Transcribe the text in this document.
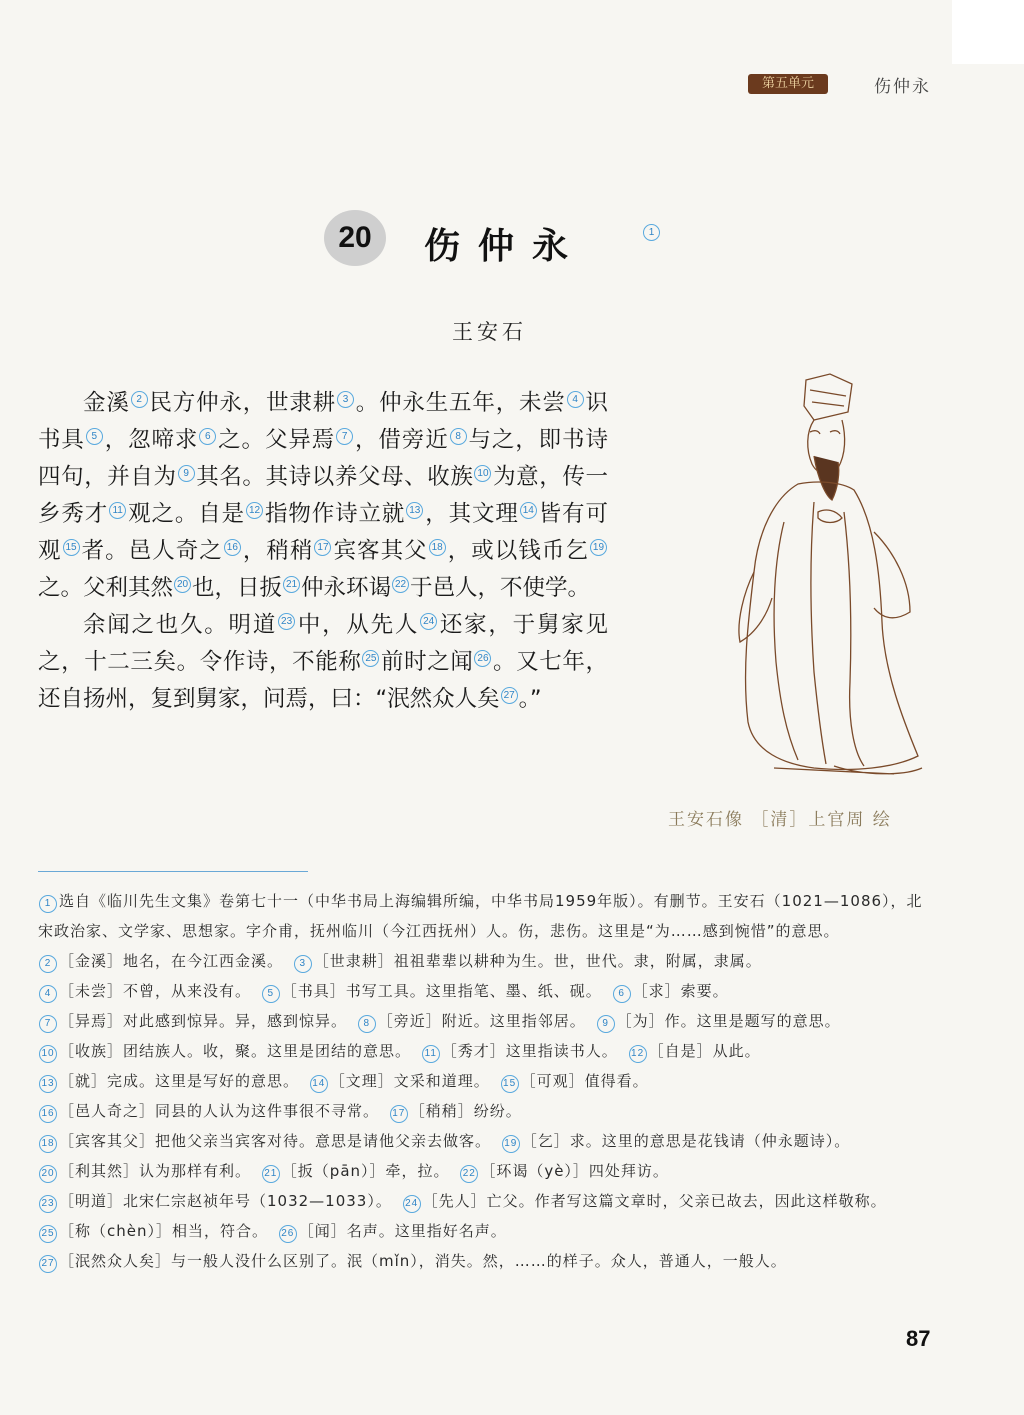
第五单元	伤仲永
20	伤仲永	1
王安石

金溪 2 民方仲永，世隶耕 3 。仲永生五年，未尝 4 识书具 5 ，忽啼求 6 之。父异焉 7 ，借旁近 8 与之，即书诗四句，并自为 9 其名。其诗以养父母、收族 10 为意，传一乡秀才 11 观之。自是 12 指物作诗立就 13 ，其文理 14 皆有可观 15 者。邑人奇之 16 ，稍稍 17 宾客其父 18 ，或以钱币乞 19之。父利其然 20 也，日扳 21 仲永环谒 22 于邑人，不使学。

余闻之也久。明道 23 中，从先人 24 还家，于舅家见之，十二三矣。令作诗，不能称 25 前时之闻 26 。又七年，还自扬州，复到舅家，问焉，曰：“泯然众人矣 27 。”

王安石像 ［清］上官周 绘
1 选自《临川先生文集》卷第七十一（中华书局上海编辑所编，中华书局1959年版）。有删节。王安石（1021—1086），北宋政治家、文学家、思想家。字介甫，抚州临川（今江西抚州）人。伤，悲伤。这里是“为……感到惋惜”的意思。 2 ［金溪］地名，在今江西金溪。 3 ［世隶耕］祖祖辈辈以耕种为生。世，世代。隶，附属，隶属。 4 ［未尝］不曾，从来没有。 5 ［书具］书写工具。这里指笔、墨、纸、砚。 6 ［求］索要。 7 ［异焉］对此感到惊异。异，感到惊异。 8 ［旁近］附近。这里指邻居。 9 ［为］作。这里是题写的意思。 10 ［收族］团结族人。收，聚。这里是团结的意思。 11 ［秀才］这里指读书人。 12 ［自是］从此。 13 ［就］完成。这里是写好的意思。 14 ［文理］文采和道理。 15 ［可观］值得看。 16 ［邑人奇之］同县的人认为这件事很不寻常。 17 ［稍稍］纷纷。 18 ［宾客其父］把他父亲当宾客对待。意思是请他父亲去做客。 19 ［乞］求。这里的意思是花钱请（仲永题诗）。 20 ［利其然］认为那样有利。 21 ［扳（pān）］牵，拉。 22 ［环谒（yè）］四处拜访。 23 ［明道］北宋仁宗赵祯年号（1032—1033）。 24 ［先人］亡父。作者写这篇文章时，父亲已故去，因此这样敬称。 25 ［称（chèn）］相当，符合。 26 ［闻］名声。这里指好名声。 27 ［泯然众人矣］与一般人没什么区别了。泯（mǐn），消失。然，……的样子。众人，普通人，一般人。
87
